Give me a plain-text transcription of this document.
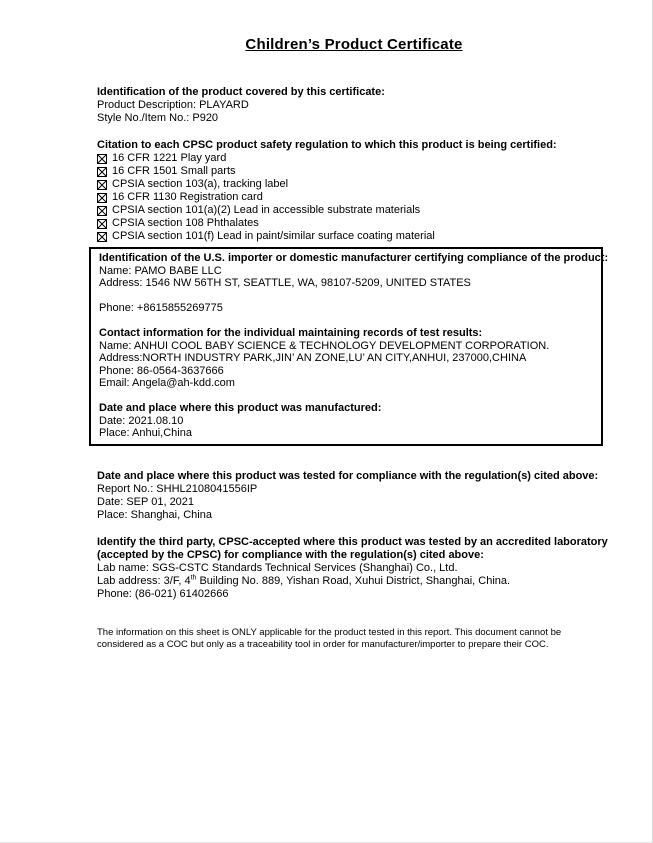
Children’s Product Certificate
Identification of the product covered by this certificate:
Product Description: PLAYARD
Style No./Item No.: P920
Citation to each CPSC product safety regulation to which this product is being certified:
16 CFR 1221 Play yard
16 CFR 1501 Small parts
CPSIA section 103(a), tracking label
16 CFR 1130 Registration card
CPSIA section 101(a)(2) Lead in accessible substrate materials
CPSIA section 108 Phthalates
CPSIA section 101(f) Lead in paint/similar surface coating material
Identification of the U.S. importer or domestic manufacturer certifying compliance of the product:
Name: PAMO BABE LLC
Address: 1546 NW 56TH ST, SEATTLE, WA, 98107-5209, UNITED STATES
Phone: +8615855269775
Contact information for the individual maintaining records of test results:
Name: ANHUI COOL BABY SCIENCE & TECHNOLOGY DEVELOPMENT CORPORATION.
Address:NORTH INDUSTRY PARK,JIN’ AN ZONE,LU’ AN CITY,ANHUI, 237000,CHINA
Phone: 86-0564-3637666
Email: Angela@ah-kdd.com
Date and place where this product was manufactured:
Date: 2021.08.10
Place: Anhui,China
Date and place where this product was tested for compliance with the regulation(s) cited above:
Report No.: SHHL2108041556IP
Date: SEP 01, 2021
Place: Shanghai, China
Identify the third party, CPSC-accepted where this product was tested by an accredited laboratory
(accepted by the CPSC) for compliance with the regulation(s) cited above:
Lab name: SGS-CSTC Standards Technical Services (Shanghai) Co., Ltd.
Lab address: 3/F, 4th Building No. 889, Yishan Road, Xuhui District, Shanghai, China.
Phone: (86-021) 61402666
The information on this sheet is ONLY applicable for the product tested in this report. This document cannot be
considered as a COC but only as a traceability tool in order for manufacturer/importer to prepare their COC.
